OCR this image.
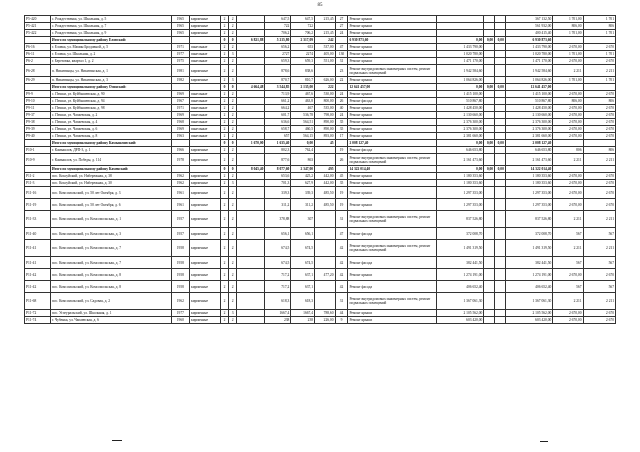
85
Р5-420	с. Рождественка, ул. Школьная, д. 5	1965	кирпичные	2	2		647,5	647,5	215,45	27	Ремонт крыши				367 132,50	1 701,00	1 701
Р5-421	с. Рождественка, ул. Школьная, д. 7	1965	кирпичные	2	2		722	722		27	Ремонт крыши				561 932,00	806,00	806
Р5-422	с. Рождественка, ул. Школьная, д. 9	1965	кирпичные	2	2		706,2	706,2	215,45	24	Ремонт крыши				400 415,40	1 701,00	1 701
	Итого по муниципальному району Еловский:			0	0	6 821,88	5 215,80	2 317,09	242		6 930 873,60	0,00	0,00	0,00	6 930 873,60		
Р6-16	г. Еловка, ул. Мамин Бродовной, д. 5	1971	панельные	2	2		656,2	653	537,00	47	Ремонт крыши	1 433 790,00			1 433 790,00	2 670,00	2 670
Р6-11	г. Еловка, ул. Школьная, д. 2	1977	панельные	2	3		2727	2274	405,00	130	Ремонт крыши	1 020 780,00			1 020 780,00	1 701,00	1 701
Р6-2	г. Березовка, квартал 1, д. 2	1975	панельные	2	2		659,3	659,3	551,00	31	Ремонт крыши	1 471 170,00			1 471 170,00	2 670,00	2 670
Р6-28	п. Никитинцы, ул. Никитинская, д. 1	1981	кирпичные	2	2		878,6	838,6		23	Ремонт внутридомовых инженерных систем, ремонт подвальных помещений	1 942 584,60			1 942 584,60	2 211	2 211
Р6-29	п. Никитинцы, ул. Никитинская, д. 3	1982	кирпичные	2	3		870,7	810,7	626,00	22	Ремонт крыши	1 064 826,00			1 064 826,00	1 701,00	1 701
	Итого по муниципальному району Осинский:			0	0	4 664,48	3 544,85	2 135,00	222		12 641 457,00	0,00	0,00	0,00	12 641 457,00		
Р9-9	с. Пешки, ул. Куйбышевская, д. 90	1969	панельные	2	2		713,9	467,6	530,00	24	Ремонт крыши	1 415 100,00			1 415 100,00	2 670,00	2 670
Р9-10	с. Пешки, ул. Куйбышевская, д. 94	1967	панельные	2	2		661,2	463,8	800,00	26	Ремонт фасада	510 867,80			510 867,80	806,00	806
Р9-11	с. Пешки, ул. Куйбышевская, д. 98	1971	панельные	2	2		664,2	467	535,00	40	Ремонт крыши	1 428 450,00			1 428 450,00	2 670,00	2 670
Р9-37	с. Пешки, ул. Чапаевская, д. 2	1969	панельные	2	2		601,7	536,78	798,00	24	Ремонт крыши	2 130 660,00			2 130 660,00	2 670,00	2 670
Р9-38	с. Пешки, ул. Чапаевская, д. 4	1968	панельные	2	2		636,6	564,51	890,00	35	Ремонт крыши	2 376 300,00			2 376 300,00	2 670,00	2 670
Р9-39	с. Пешки, ул. Чапаевская, д. 6	1969	панельные	2	2		658,7	460,5	890,00	35	Ремонт крыши	2 376 300,00			2 376 300,00	2 670,00	2 670
Р9-40	с. Пешки, ул. Чапаевская, д. 8	1963	панельные	2	2		657	564,15	893,00	17	Ремонт крыши	2 381 660,00			2 381 660,00	2 670,00	2 670
	Итого по муниципальному району Камышловский:			0	0	1 670,00	1 635,40	0,00	45		2 008 127,40	0,00	0,00	0,00	2 008 127,40		
Р10-1	г. Камышлов, ДРП-3, д. 1	1966	кирпичные	2	2		802,3	762,4		19	Ремонт фасада	646 653,80			646 653,80	806	806
Р10-9	г. Камышлов, ул. Победы, д. 114	1978	кирпичные	2	2		877,6	863		26	Ремонт внутридомовых инженерных систем, ремонт подвальных помещений	2 161 473,60			2 161 473,60	2 211	2 211
	Итого по муниципальному району Каменский:			0	0	8 045,40	8 077,60	2 347,00	495		14 322 014,40	0,00	0,00	0,00	14 322 014,40		
Р11-2	пос. Коксуйский, ул. Набережная, д. 38	1962	кирпичные	2	2		653,6	425,2	442,00	45	Ремонт крыши	1 180 353,60			1 180 353,60	2 670,00	2 670
Р11-3	пос. Коксуйский, ул. Набережная, д. 30	1962	кирпичные	2	3		701,3	627,9	442,00	35	Ремонт крыши	1 180 353,60			1 180 353,60	2 670,00	2 670
Р11-16	пос. Комсомольский, ул. 50 лет Октября, д. 3	1961	кирпичные	2	2		339,3	339,3	485,50	19	Ремонт крыши	1 297 353,00			1 297 353,00	2 670,00	2 670
Р11-19	пос. Комсомольский, ул. 50 лет Октября, д. 6	1961	кирпичные	2	2		311,2	311,2	485,50	19	Ремонт крыши	1 297 353,00			1 297 353,00	2 670,00	2 670
Р11-33	пос. Комсомольский, ул. Комсомольская, д. 1	1957	кирпичные	2	2		378,88	307		31	Ремонт внутридомовых инженерных систем, ремонт подвальных помещений	837 526,80			837 526,80	2 211	2 211
Р11-40	пос. Комсомольский, ул. Комсомольская, д. 3	1957	кирпичные	2	2		656,1	656,1		47	Ремонт фасада	372 008,70			372 008,70	567	567
Р11-41	пос. Комсомольский, ул. Комсомольская, д. 7	1958	кирпичные	2	2		674,5	674,5		42	Ремонт внутридомовых инженерных систем, ремонт подвальных помещений	1 491 319,50			1 491 319,50	2 211	2 211
Р11-41	пос. Комсомольский, ул. Комсомольская, д. 7	1958	кирпичные	2	2		674,5	674,5		42	Ремонт фасада	382 441,50			382 441,50	567	567
Р11-42	пос. Комсомольский, ул. Комсомольская, д. 8	1958	кирпичные	2	2		717,2	637,1	477,20	42	Ремонт крыши	1 274 191,00			1 274 191,00	2 670,00	2 670
Р11-42	пос. Комсомольский, ул. Комсомольская, д. 8	1958	кирпичные	2	2		717,2	637,1		42	Ремонт фасада	406 652,40			406 652,40	567	567
Р11-68	пос. Комсомольский, ул. Садовая, д. 2	1962	кирпичные	2	2		618,3	618,3		31	Ремонт внутридомовых инженерных систем, ремонт подвальных помещений	1 367 061,30			1 367 061,30	2 211	2 211
Р11-72	пос. Углеуральский, ул. Школьная, д. 1	1977	кирпичные	2	3		1667,4	1667,4	788,60	44	Ремонт крыши	2 105 562,00			2 105 562,00	2 670,00	2 670
Р11-74	г. Чубенка, ул. Чапаевская, д. 6	1960	кирпичные	2	2		238	238	226,00	9	Ремонт крыши	603 420,00			603 420,00	2 670,00	2 670
